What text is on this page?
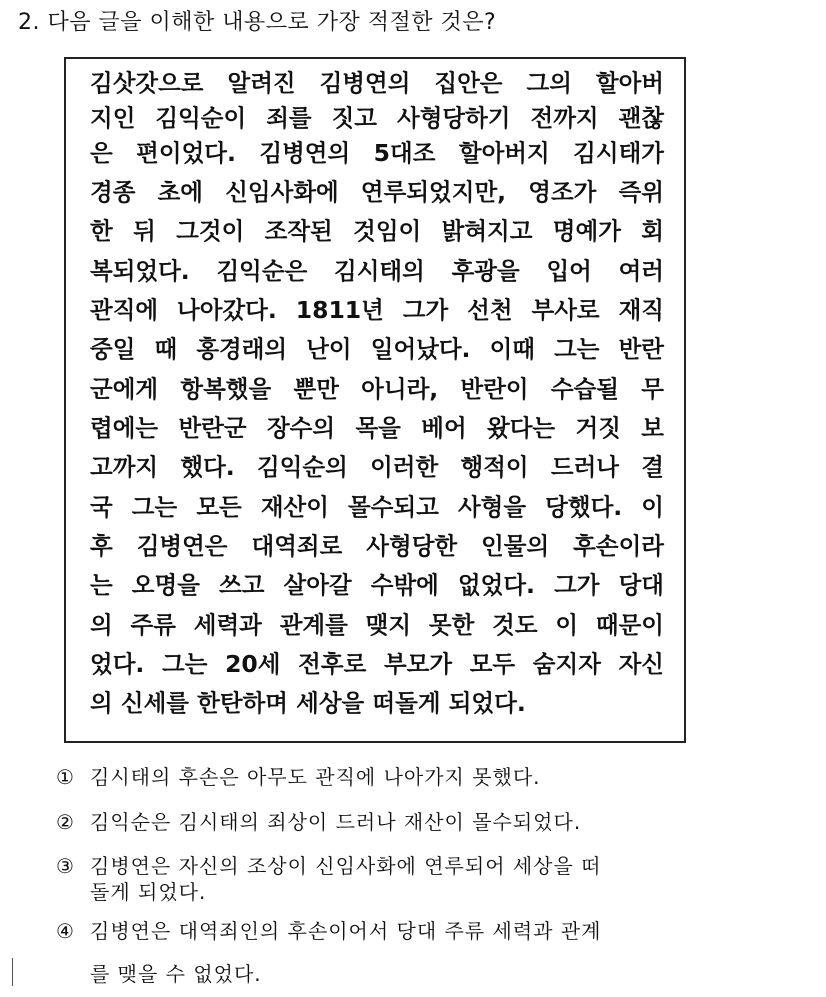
2. 다음 글을 이해한 내용으로 가장 적절한 것은?
김삿갓으로 알려진 김병연의 집안은 그의 할아버
지인 김익순이 죄를 짓고 사형당하기 전까지 괜찮
은 편이었다. 김병연의 5대조 할아버지 김시태가
경종 초에 신임사화에 연루되었지만, 영조가 즉위
한 뒤 그것이 조작된 것임이 밝혀지고 명예가 회
복되었다. 김익순은 김시태의 후광을 입어 여러
관직에 나아갔다. 1811년 그가 선천 부사로 재직
중일 때 홍경래의 난이 일어났다. 이때 그는 반란
군에게 항복했을 뿐만 아니라, 반란이 수습될 무
렵에는 반란군 장수의 목을 베어 왔다는 거짓 보
고까지 했다. 김익순의 이러한 행적이 드러나 결
국 그는 모든 재산이 몰수되고 사형을 당했다. 이
후 김병연은 대역죄로 사형당한 인물의 후손이라
는 오명을 쓰고 살아갈 수밖에 없었다. 그가 당대
의 주류 세력과 관계를 맺지 못한 것도 이 때문이
었다. 그는 20세 전후로 부모가 모두 숨지자 자신
의 신세를 한탄하며 세상을 떠돌게 되었다.
① 김시태의 후손은 아무도 관직에 나아가지 못했다.
② 김익순은 김시태의 죄상이 드러나 재산이 몰수되었다.
③ 김병연은 자신의 조상이 신임사화에 연루되어 세상을 떠
돌게 되었다.
④ 김병연은 대역죄인의 후손이어서 당대 주류 세력과 관계
를 맺을 수 없었다.
